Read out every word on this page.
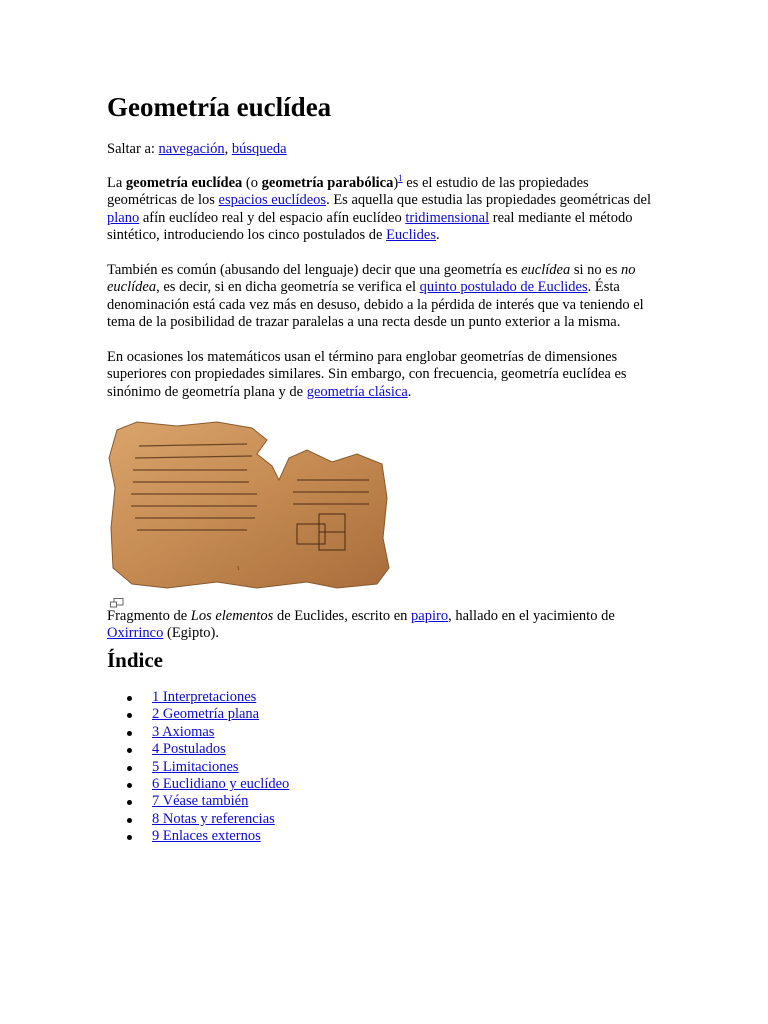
Geometría euclídea
Saltar a: navegación, búsqueda

La geometría euclídea (o geometría parabólica)$^1$ es el estudio de las propiedades geométricas de los espacios euclídeos. Es aquella que estudia las propiedades geométricas del plano afín euclídeo real y del espacio afín euclídeo tridimensional real mediante el método sintético, introduciendo los cinco postulados de Euclides.

También es común (abusando del lenguaje) decir que una geometría es euclídea si no es no euclídea, es decir, si en dicha geometría se verifica el quinto postulado de Euclides. Ésta denominación está cada vez más en desuso, debido a la pérdida de interés que va teniendo el tema de la posibilidad de trazar paralelas a una recta desde un punto exterior a la misma.

En ocasiones los matemáticos usan el término para englobar geometrías de dimensiones superiores con propiedades similares. Sin embargo, con frecuencia, geometría euclídea es sinónimo de geometría plana y de geometría clásica.

ι

Fragmento de Los elementos de Euclides, escrito en papiro, hallado en el yacimiento de Oxirrinco (Egipto).

Índice
1 Interpretaciones
2 Geometría plana
3 Axiomas
4 Postulados
5 Limitaciones
6 Euclidiano y euclídeo
7 Véase también
8 Notas y referencias
9 Enlaces externos
